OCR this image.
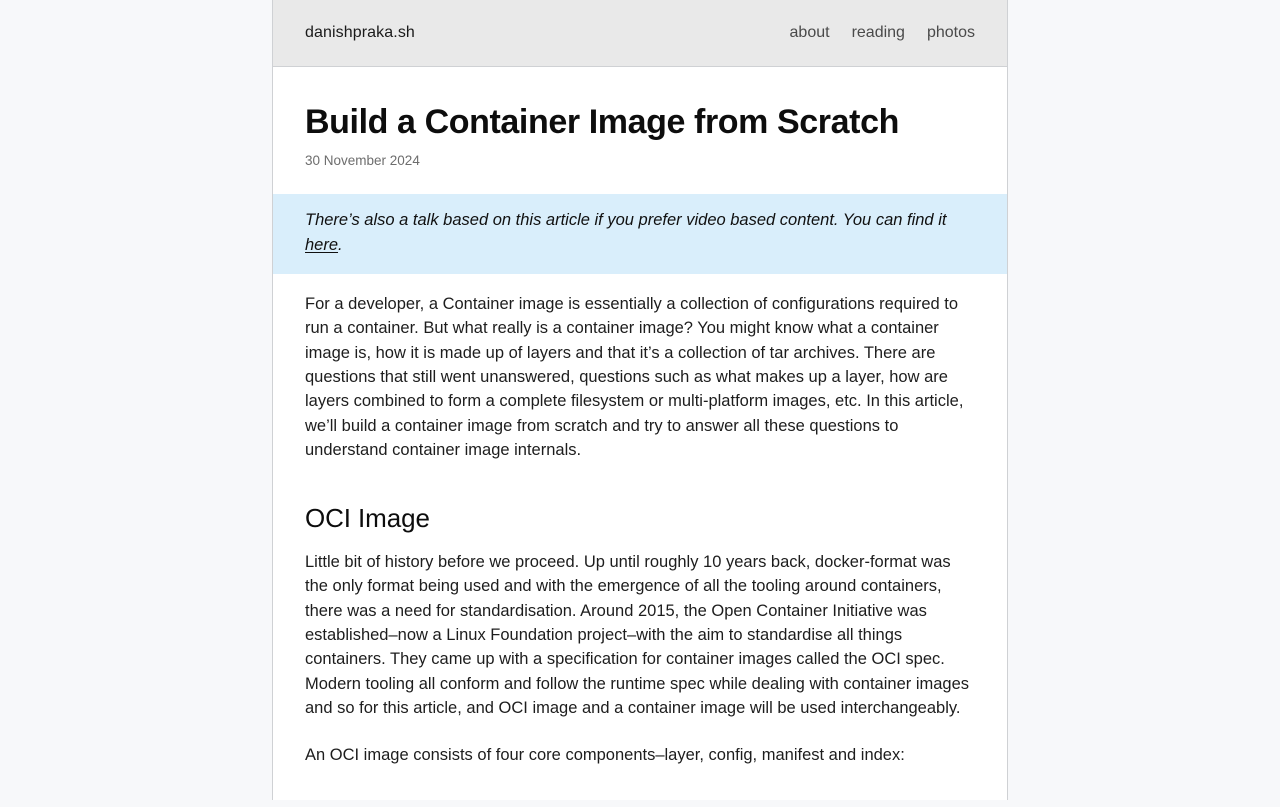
danishpraka.sh	about reading photos
Build a Container Image from Scratch

30 November 2024

There’s also a talk based on this article if you prefer video based content. You can find it here.

For a developer, a Container image is essentially a collection of configurations required to run a container. But what really is a container image? You might know what a container image is, how it is made up of layers and that it’s a collection of tar archives. There are questions that still went unanswered, questions such as what makes up a layer, how are layers combined to form a complete filesystem or multi-platform images, etc. In this article, we’ll build a container image from scratch and try to answer all these questions to understand container image internals.

OCI Image

Little bit of history before we proceed. Up until roughly 10 years back, docker-format was the only format being used and with the emergence of all the tooling around containers, there was a need for standardisation. Around 2015, the Open Container Initiative was established–now a Linux Foundation project–with the aim to standardise all things containers. They came up with a specification for container images called the OCI spec. Modern tooling all conform and follow the runtime spec while dealing with container images and so for this article, and OCI image and a container image will be used interchangeably.

An OCI image consists of four core components–layer, config, manifest and index:
